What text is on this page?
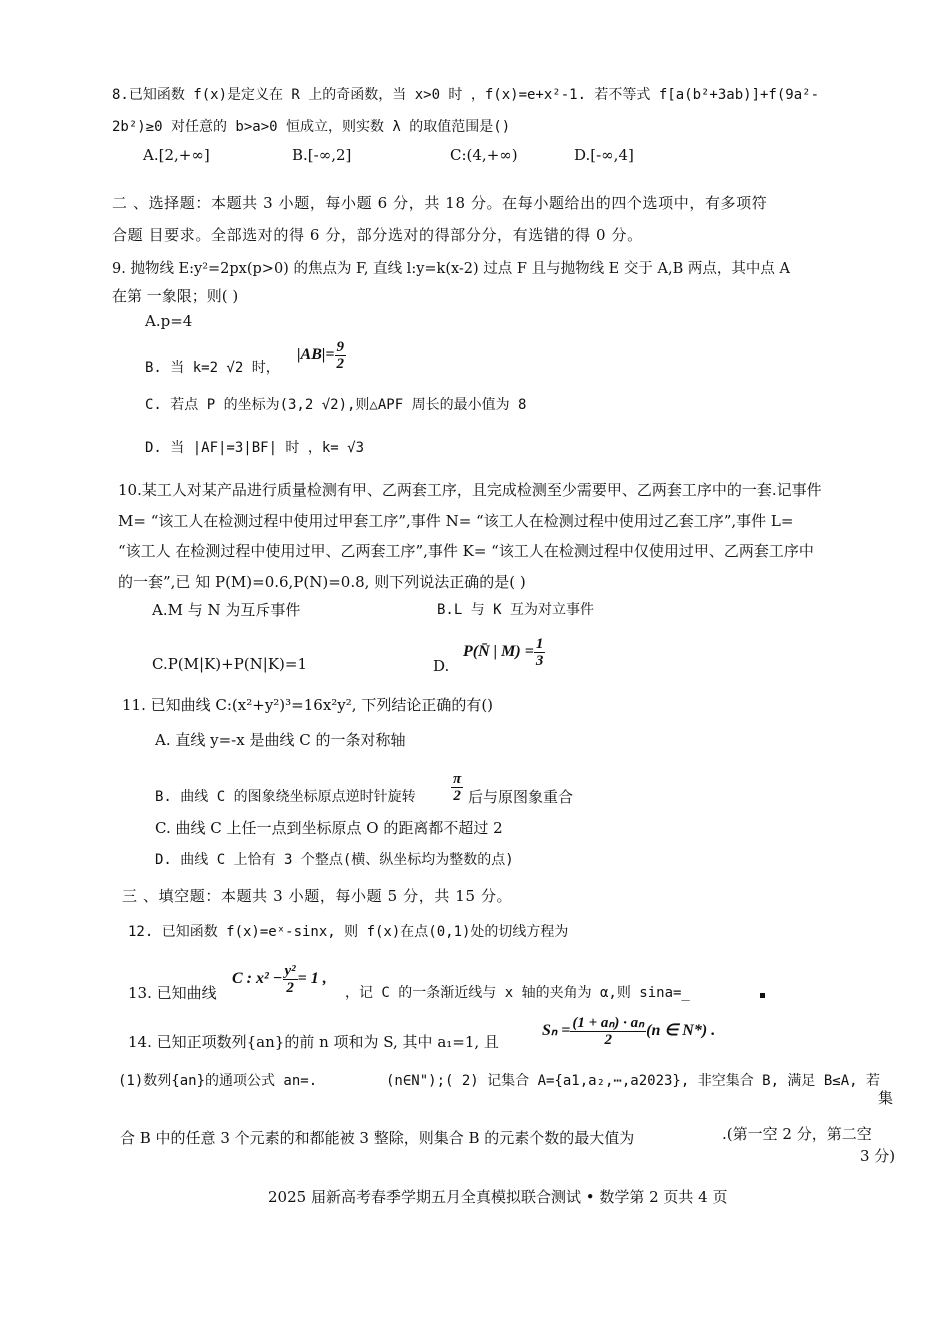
8.已知函数 f(x)是定义在 R 上的奇函数，当 x>0 时 ，f(x)=e+x²-1. 若不等式 f[a(b²+3ab)]+f(9a²-
2b²)≥0 对任意的 b>a>0 恒成立，则实数 λ 的取值范围是()
A.[2,+∞]	B.[-∞,2]	C:(4,+∞)	D.[-∞,4]
二 、选择题：本题共 3 小题，每小题 6 分，共 18 分。在每小题给出的四个选项中，有多项符
合题 目要求。全部选对的得 6 分，部分选对的得部分分，有选错的得 0 分。
9. 抛物线 E:y²=2px(p>0) 的焦点为 F, 直线 l:y=k(x-2) 过点 F 且与抛物线 E 交于 A,B 两点，其中点 A
在第 一象限；则( )
A.p=4
B. 当 k=2 √2 时，
$|AB|= \frac{9}{2}$
C. 若点 P 的坐标为(3,2 √2),则△APF 周长的最小值为 8
D. 当 |AF|=3|BF| 时 ，k= √3
10.某工人对某产品进行质量检测有甲、乙两套工序，且完成检测至少需要甲、乙两套工序中的一套.记事件
M= “该工人在检测过程中使用过甲套工序”,事件 N= “该工人在检测过程中使用过乙套工序”,事件 L=
“该工人 在检测过程中使用过甲、乙两套工序”,事件 K= “该工人在检测过程中仅使用过甲、乙两套工序中
的一套”,已 知 P(M)=0.6,P(N)=0.8, 则下列说法正确的是( )
A.M 与 N 为互斥事件	B.L 与 K 互为对立事件
C.P(M|K)+P(N|K)=1	D.
P(N̄ | $M) = \frac{1}{3}$
11. 已知曲线 C:(x²+y²)³=16x²y², 下列结论正确的有()
A. 直线 y=-x 是曲线 C 的一条对称轴
B. 曲线 C 的图象绕坐标原点逆时针旋转 $\frac{\pi}{2}$ 后与原图象重合
C. 曲线 C 上任一点到坐标原点 O 的距离都不超过 2
D. 曲线 C 上恰有 3 个整点(横、纵坐标均为整数的点)
三 、填空题：本题共 3 小题，每小题 5 分，共 15 分。
12. 已知函数 f(x)=eˣ-sinx, 则 f(x)在点(0,1)处的切线方程为
13. 已知曲线
C : $x^2 - \frac{\text{y²}}{2} = 1$ ,
，记 C 的一条渐近线与 x 轴的夹角为 α,则 sina=_
14. 已知正项数列{an}的前 n 项和为 S, 其中 a₁=1, 且
$S_n = \frac{\text{(1 + aₙ) · aₙ}}{2} (n$ ∈ N*) .
(1)数列{an}的通项公式 an=.	(n∈N");( 2) 记集合 A={a1,a₂,⋯,a2023}, 非空集合 B, 满足 B≤A, 若
集
合 B 中的任意 3 个元素的和都能被 3 整除，则集合 B 的元素个数的最大值为	.(第一空 2 分，第二空
3 分)
2025 届新高考春季学期五月全真模拟联合测试 • 数学第 2 页共 4 页
